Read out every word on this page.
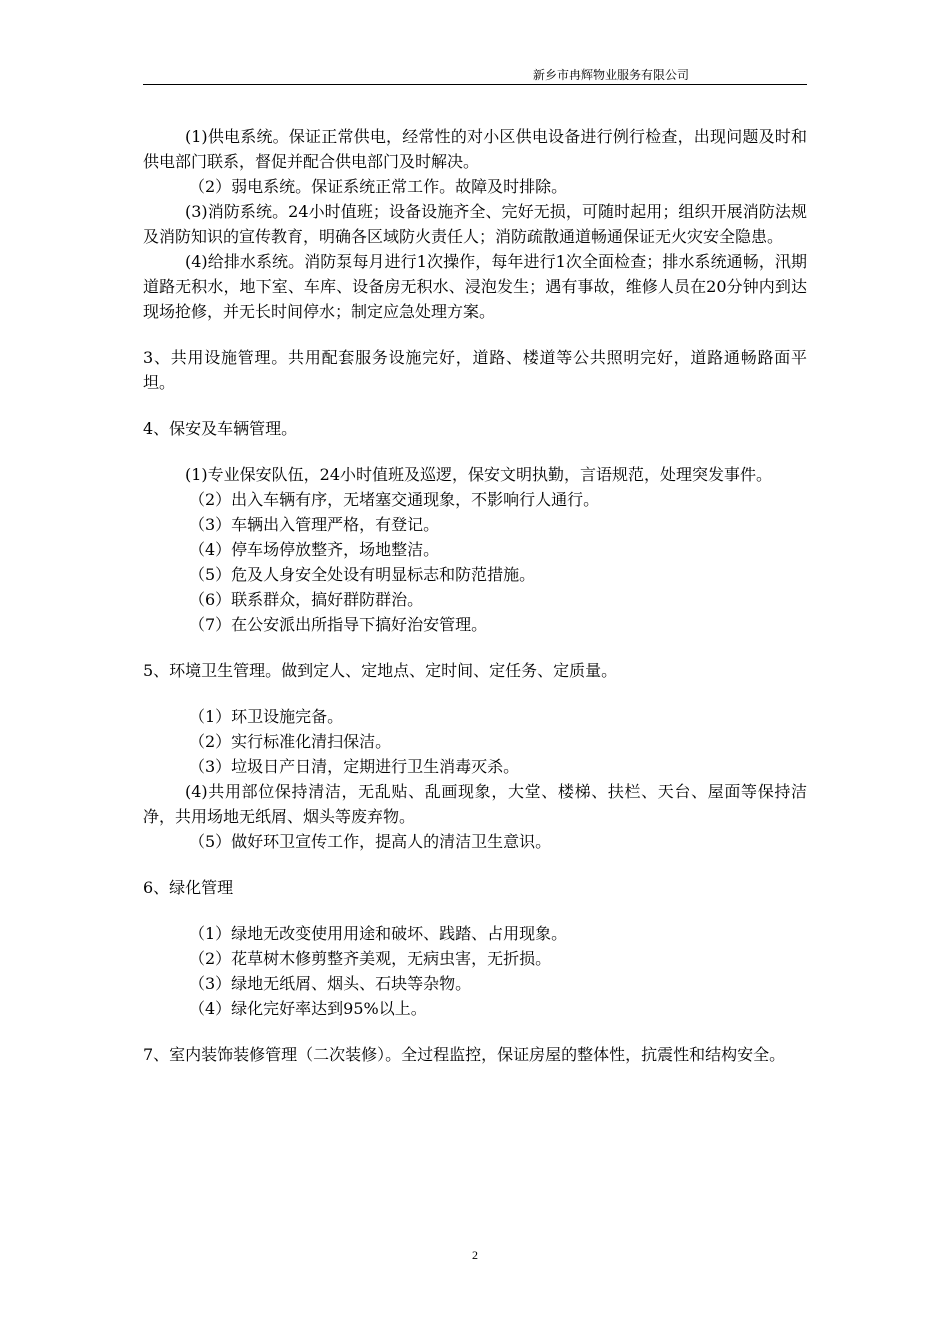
新乡市冉辉物业服务有限公司

(1)供电系统。保证正常供电，经常性的对小区供电设备进行例行检查，出现问题及时和供电部门联系，督促并配合供电部门及时解决。

（2）弱电系统。保证系统正常工作。故障及时排除。

(3)消防系统。24小时值班；设备设施齐全、完好无损，可随时起用；组织开展消防法规及消防知识的宣传教育，明确各区域防火责任人；消防疏散通道畅通保证无火灾安全隐患。

(4)给排水系统。消防泵每月进行1次操作，每年进行1次全面检查；排水系统通畅，汛期道路无积水，地下室、车库、设备房无积水、浸泡发生；遇有事故，维修人员在20分钟内到达现场抢修，并无长时间停水；制定应急处理方案。

3、共用设施管理。共用配套服务设施完好，道路、楼道等公共照明完好，道路通畅路面平坦。

4、保安及车辆管理。

(1)专业保安队伍，24小时值班及巡逻，保安文明执勤，言语规范，处理突发事件。

（2）出入车辆有序，无堵塞交通现象，不影响行人通行。

（3）车辆出入管理严格，有登记。

（4）停车场停放整齐，场地整洁。

（5）危及人身安全处设有明显标志和防范措施。

（6）联系群众，搞好群防群治。

（7）在公安派出所指导下搞好治安管理。

5、环境卫生管理。做到定人、定地点、定时间、定任务、定质量。

（1）环卫设施完备。

（2）实行标准化清扫保洁。

（3）垃圾日产日清，定期进行卫生消毒灭杀。

(4)共用部位保持清洁，无乱贴、乱画现象，大堂、楼梯、扶栏、天台、屋面等保持洁净，共用场地无纸屑、烟头等废弃物。

（5）做好环卫宣传工作，提高人的清洁卫生意识。

6、绿化管理

（1）绿地无改变使用用途和破坏、践踏、占用现象。

（2）花草树木修剪整齐美观，无病虫害，无折损。

（3）绿地无纸屑、烟头、石块等杂物。

（4）绿化完好率达到95%以上。

7、室内装饰装修管理（二次装修）。全过程监控，保证房屋的整体性，抗震性和结构安全。

2
